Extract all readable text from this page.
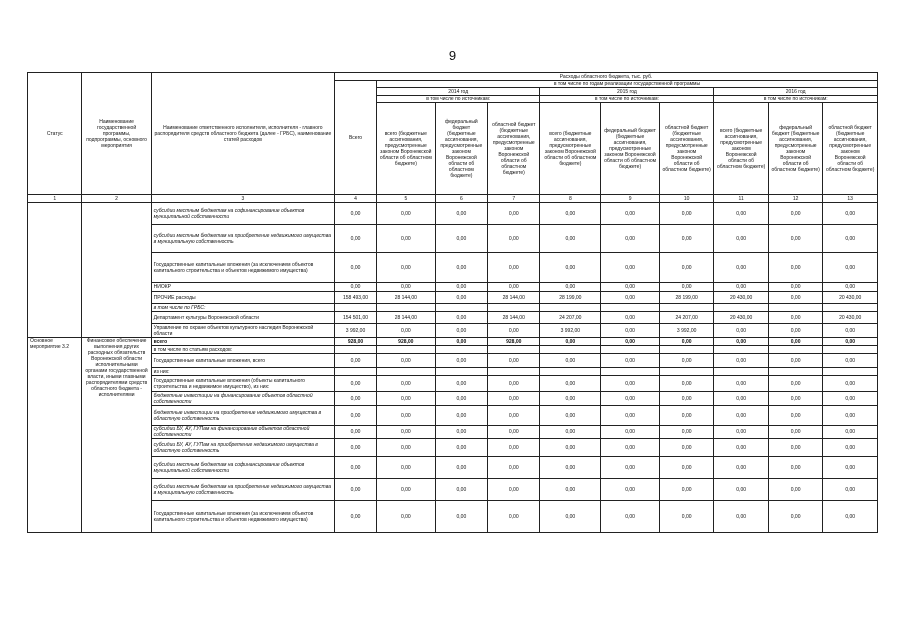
9
Статус	Наименование государственной программы, подпрограммы, основного мероприятия	Наименование ответственного исполнителя, исполнителя - главного распорядителя средств областного бюджета (далее - ГРБС), наименование статей расходов	Расходы областного бюджета, тыс. руб.									
			Всего	в том числе по годам реализации государственной программы								
				2014 год			2015 год			2016 год		
				в том числе по источникам:			в том числе по источникам:			в том числе по источникам:		
				всего (бюджетные ассигнования, предусмотренные законом Воронежской области об областном бюджете)	федеральный бюджет (бюджетные ассигнования, предусмотренные законом Воронежской области об областном бюджете)	областной бюджет (бюджетные ассигнования, предусмотренные законом Воронежской области об областном бюджете)	всего (бюджетные ассигнования, предусмотренные законом Воронежской области об областном бюджете)	федеральный бюджет (бюджетные ассигнования, предусмотренные законом Воронежской области об областном бюджете)	областной бюджет (бюджетные ассигнования, предусмотренные законом Воронежской области об областном бюджете)	всего (бюджетные ассигнования, предусмотренные законом Воронежской области об областном бюджете)	федеральный бюджет (бюджетные ассигнования, предусмотренные законом Воронежской области об областном бюджете)	областной бюджет (бюджетные ассигнования, предусмотренные законом Воронежской области об областном бюджете)
1	2	3	4	5	6	7	8	9	10	11	12	13
		субсидии местным бюджетам на софинансирование объектов муниципальной собственности	0,00	0,00	0,00	0,00	0,00	0,00	0,00	0,00	0,00	0,00
		субсидии местным бюджетам на приобретение недвижимого имущества в муниципальную собственность	0,00	0,00	0,00	0,00	0,00	0,00	0,00	0,00	0,00	0,00
		Государственные капитальные вложения (за исключением объектов капитального строительства и объектов недвижимого имущества)	0,00	0,00	0,00	0,00	0,00	0,00	0,00	0,00	0,00	0,00
		НИОКР	0,00	0,00	0,00	0,00	0,00	0,00	0,00	0,00	0,00	0,00
		ПРОЧИЕ расходы	158 493,00	28 144,00	0,00	28 144,00	28 199,00	0,00	28 199,00	20 430,00	0,00	20 430,00
		в том числе по ГРБС:										
		Департамент культуры Воронежской области	154 501,00	28 144,00	0,00	28 144,00	24 207,00	0,00	24 207,00	20 430,00	0,00	20 430,00
		Управление по охране объектов культурного наследия Воронежской области	3 992,00	0,00	0,00	0,00	3 992,00	0,00	3 992,00	0,00	0,00	0,00
Основное мероприятие 3.2	Финансовое обеспечение выполнения других расходных обязательств Воронежской области исполнительными органами государственной власти, иными главными распорядителями средств областного бюджета - исполнителями	всего	928,00	928,00	0,00	928,00	0,00	0,00	0,00	0,00	0,00	0,00
		в том числе по статьям расходов:										
		Государственные капитальные вложения, всего	0,00	0,00	0,00	0,00	0,00	0,00	0,00	0,00	0,00	0,00
		из них:										
		Государственные капитальные вложения (объекты капитального строительства и недвижимое имущество), из них:	0,00	0,00	0,00	0,00	0,00	0,00	0,00	0,00	0,00	0,00
		бюджетные инвестиции на финансирование объектов областной собственности	0,00	0,00	0,00	0,00	0,00	0,00	0,00	0,00	0,00	0,00
		бюджетные инвестиции на приобретение недвижимого имущества в областную собственность	0,00	0,00	0,00	0,00	0,00	0,00	0,00	0,00	0,00	0,00
		субсидии БУ, АУ, ГУПам на финансирование объектов областной собственности	0,00	0,00	0,00	0,00	0,00	0,00	0,00	0,00	0,00	0,00
		субсидии БУ, АУ, ГУПам на приобретение недвижимого имущества в областную собственность	0,00	0,00	0,00	0,00	0,00	0,00	0,00	0,00	0,00	0,00
		субсидии местным бюджетам на софинансирование объектов муниципальной собственности	0,00	0,00	0,00	0,00	0,00	0,00	0,00	0,00	0,00	0,00
		субсидии местным бюджетам на приобретение недвижимого имущества в муниципальную собственность	0,00	0,00	0,00	0,00	0,00	0,00	0,00	0,00	0,00	0,00
		Государственные капитальные вложения (за исключением объектов капитального строительства и объектов недвижимого имущества)	0,00	0,00	0,00	0,00	0,00	0,00	0,00	0,00	0,00	0,00
